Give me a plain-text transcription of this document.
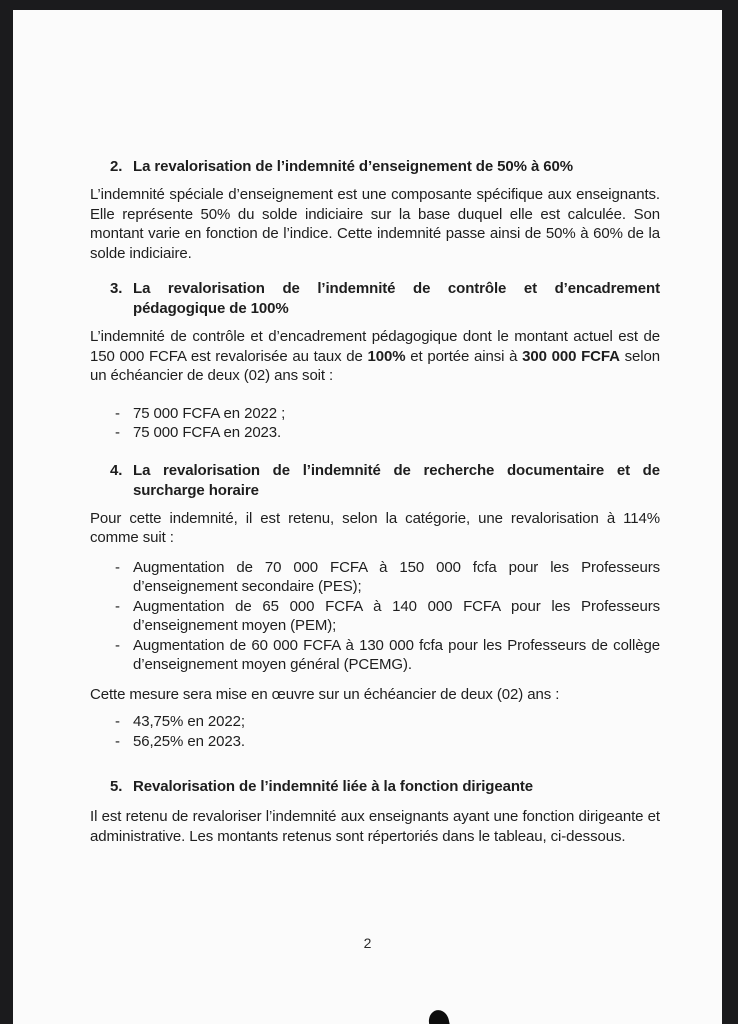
2. La revalorisation de l’indemnité d’enseignement de 50% à 60%

L’indemnité spéciale d’enseignement est une composante spécifique aux enseignants. Elle représente 50% du solde indiciaire sur la base duquel elle est calculée. Son montant varie en fonction de l’indice. Cette indemnité passe ainsi de 50% à 60% de la solde indiciaire.

3. La revalorisation de l’indemnité de contrôle et d’encadrement pédagogique de 100%

L’indemnité de contrôle et d’encadrement pédagogique dont le montant actuel est de 150 000 FCFA est revalorisée au taux de 100% et portée ainsi à 300 000 FCFA selon un échéancier de deux (02) ans soit :

- 75 000 FCFA en 2022 ;
- 75 000 FCFA en 2023.
4. La revalorisation de l’indemnité de recherche documentaire et de surcharge horaire

Pour cette indemnité, il est retenu, selon la catégorie, une revalorisation à 114% comme suit :

- Augmentation de 70 000 FCFA à 150 000 fcfa pour les Professeurs d’enseignement secondaire (PES);
- Augmentation de 65 000 FCFA à 140 000 FCFA pour les Professeurs d’enseignement moyen (PEM);
- Augmentation de 60 000 FCFA à 130 000 fcfa pour les Professeurs de collège d’enseignement moyen général (PCEMG).

Cette mesure sera mise en œuvre sur un échéancier de deux (02) ans :

- 43,75% en 2022;
- 56,25% en 2023.
5. Revalorisation de l’indemnité liée à la fonction dirigeante

Il est retenu de revaloriser l’indemnité aux enseignants ayant une fonction dirigeante et administrative. Les montants retenus sont répertoriés dans le tableau, ci-dessous.

2
